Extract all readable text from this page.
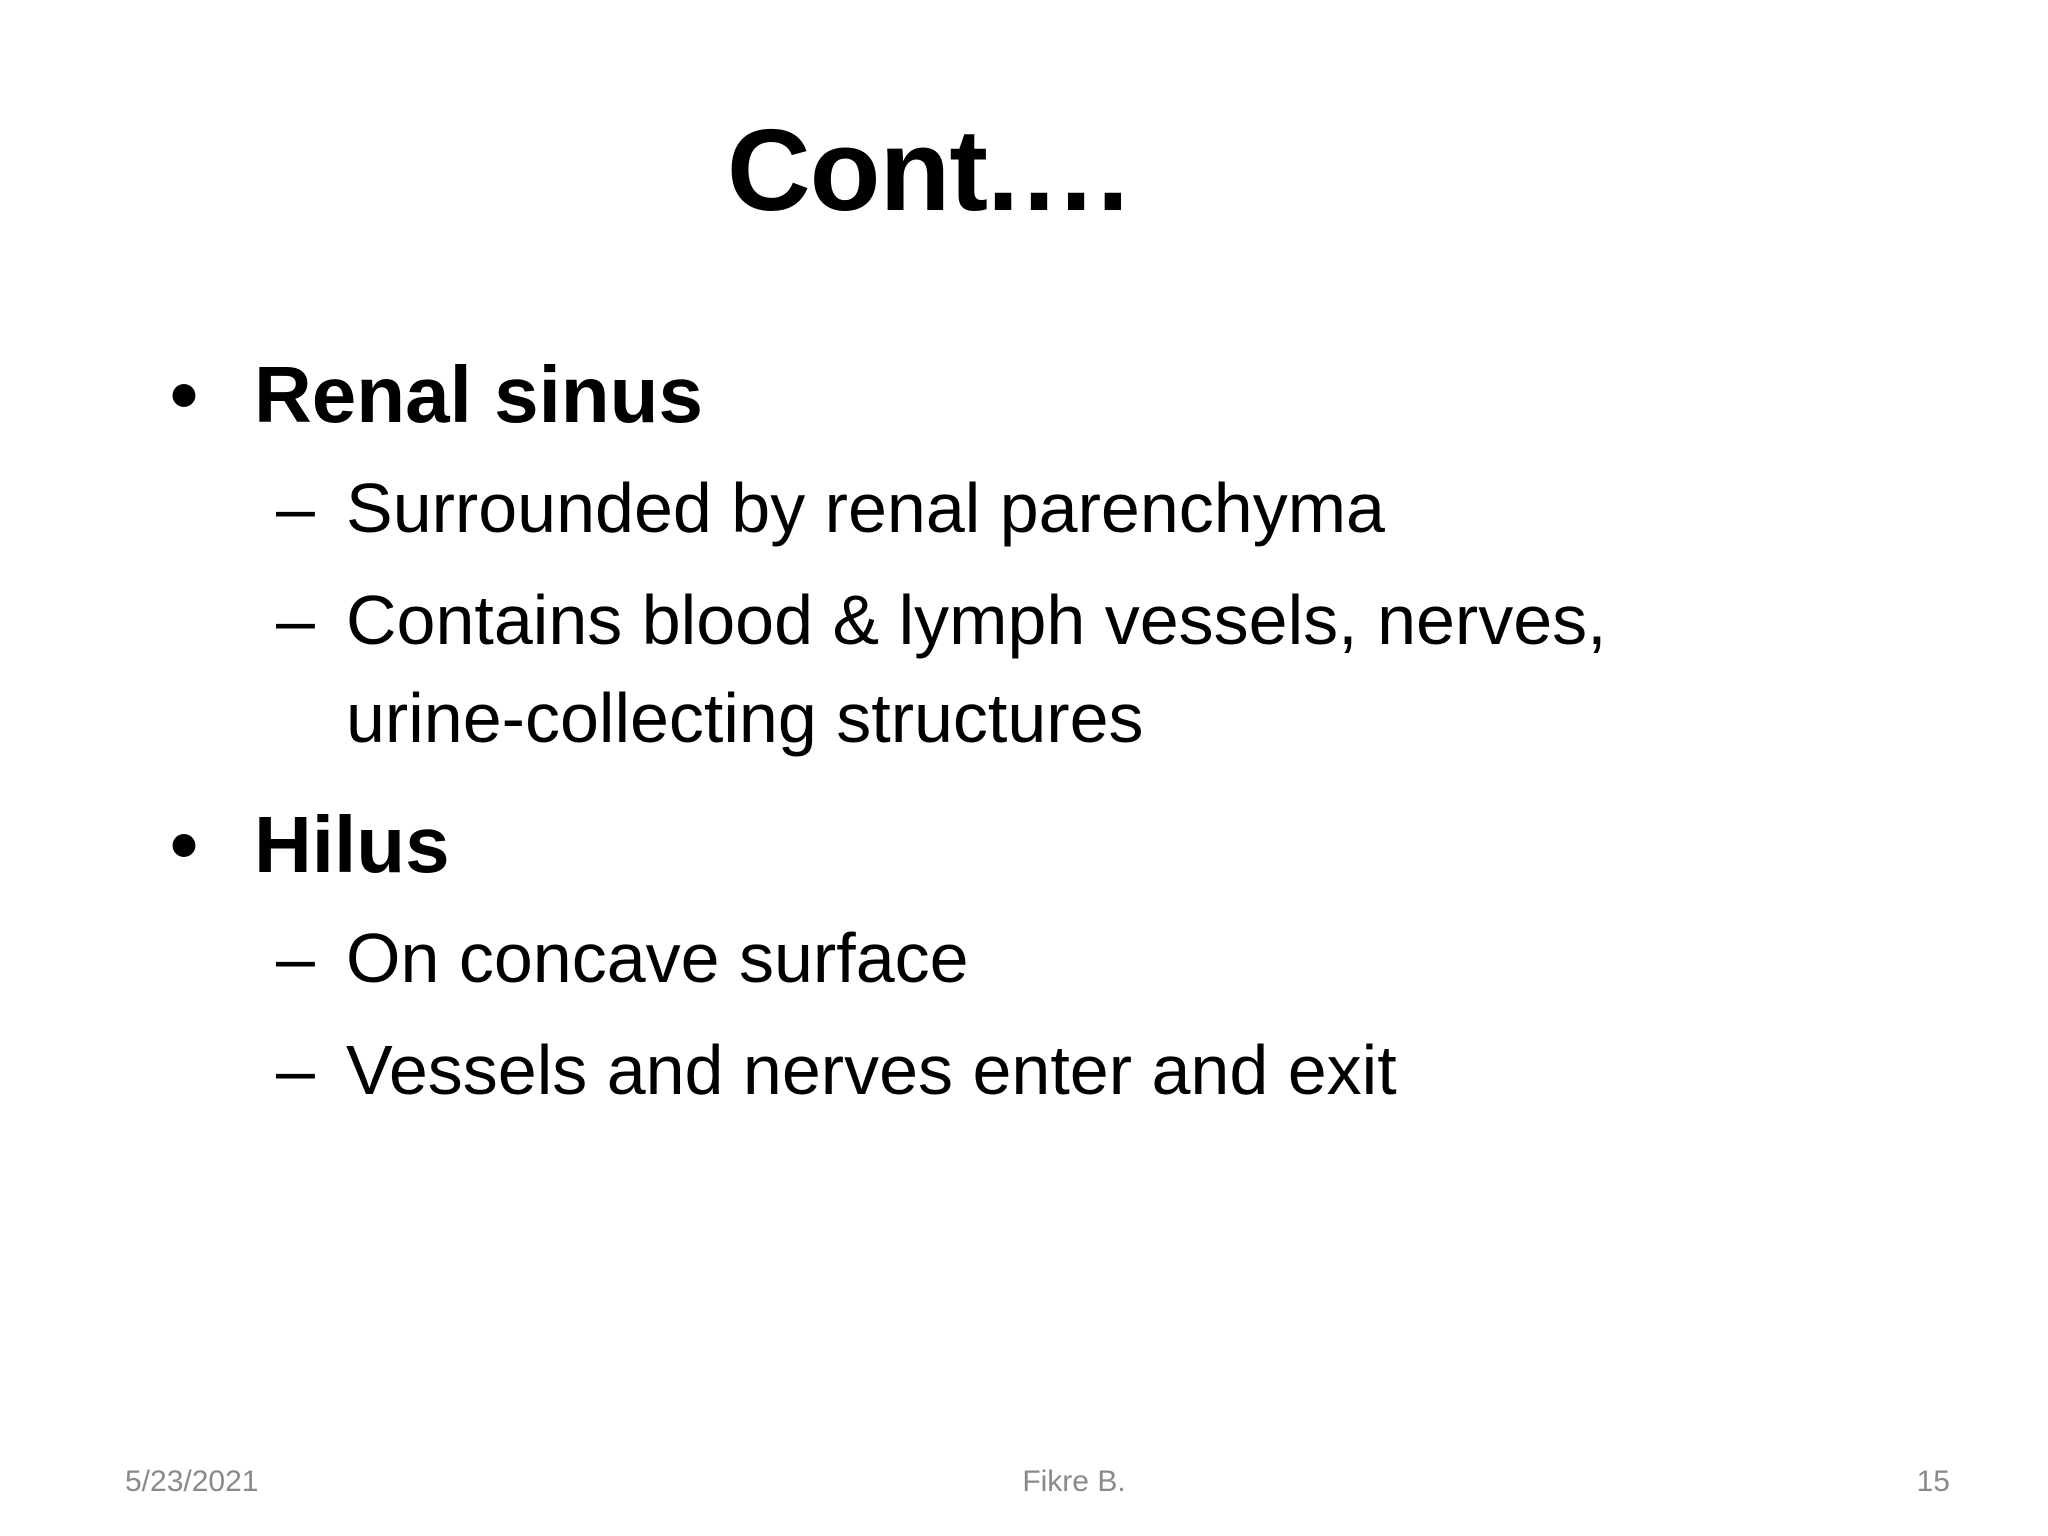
Cont.…
• Renal sinus
– Surrounded by renal parenchyma
– Contains blood & lymph vessels, nerves,
urine-collecting structures
• Hilus
– On concave surface
– Vessels and nerves enter and exit
5/23/2021	Fikre B.	15
